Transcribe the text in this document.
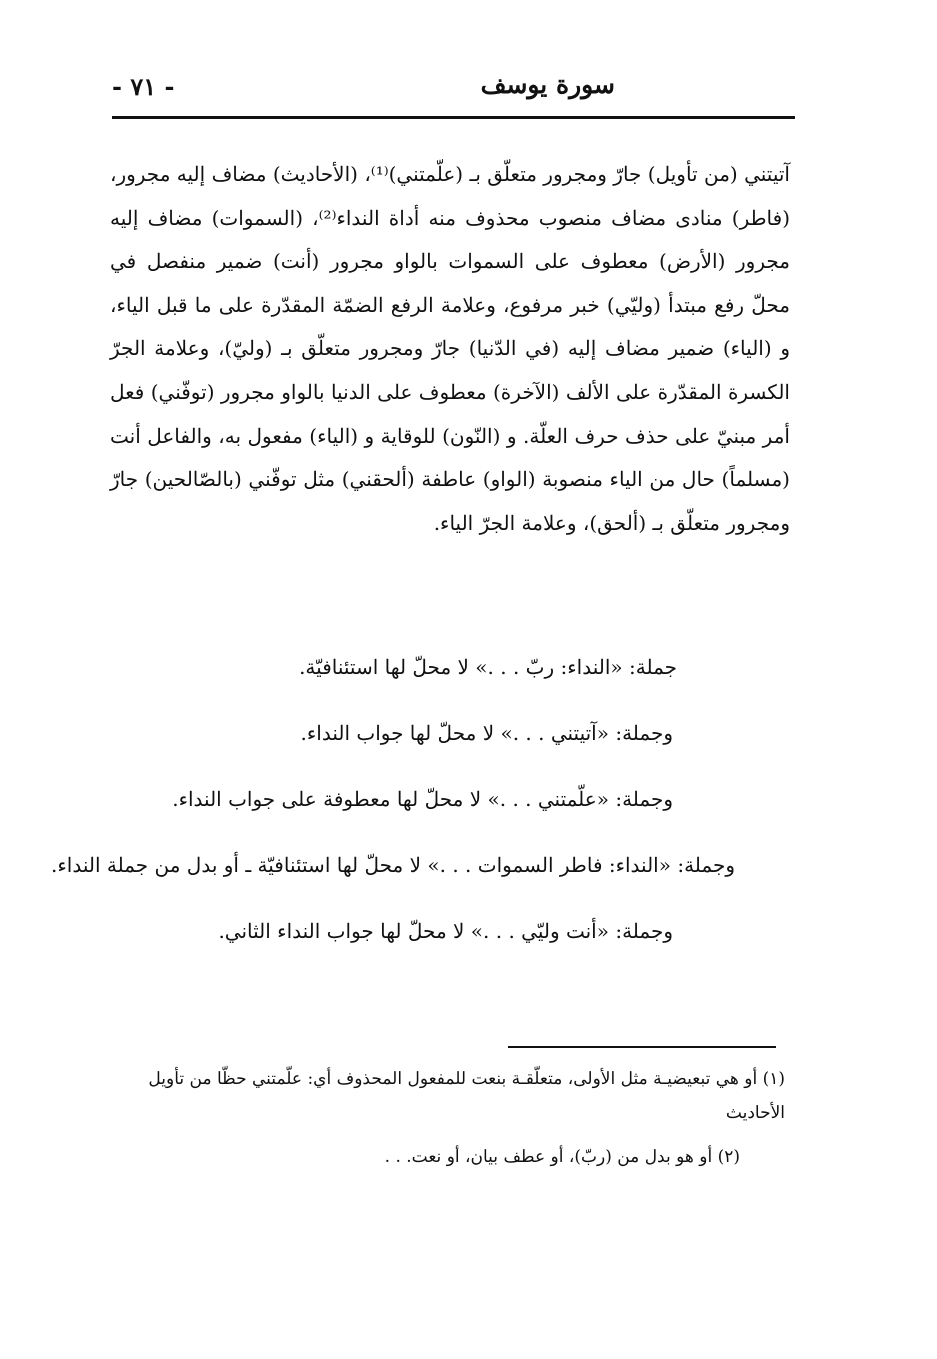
سورة يوسف
- ٧١ -

آتيتني (من تأويل) جارّ ومجرور متعلّق بـ (علّمتني)⁽¹⁾، (الأحاديث) مضاف إليه مجرور، (فاطر) منادى مضاف منصوب محذوف منه أداة النداء⁽²⁾، (السموات) مضاف إليه مجرور (الأرض) معطوف على السموات بالواو مجرور (أنت) ضمير منفصل في محلّ رفع مبتدأ (وليّي) خبر مرفوع، وعلامة الرفع الضمّة المقدّرة على ما قبل الياء، و (الياء) ضمير مضاف إليه (في الدّنيا) جارّ ومجرور متعلّق بـ (وليّ)، وعلامة الجرّ الكسرة المقدّرة على الألف (الآخرة) معطوف على الدنيا بالواو مجرور (توفّني) فعل أمر مبنيّ على حذف حرف العلّة. و (النّون) للوقاية و (الياء) مفعول به، والفاعل أنت (مسلماً) حال من الياء منصوبة (الواو) عاطفة (ألحقني) مثل توفّني (بالصّالحين) جارّ ومجرور متعلّق بـ (ألحق)، وعلامة الجرّ الياء.

جملة: «النداء: ربّ . . .» لا محلّ لها استئنافيّة.

وجملة: «آتيتني . . .» لا محلّ لها جواب النداء.

وجملة: «علّمتني . . .» لا محلّ لها معطوفة على جواب النداء.

وجملة: «النداء: فاطر السموات . . .» لا محلّ لها استئنافيّة ـ أو بدل من جملة النداء.

وجملة: «أنت وليّي . . .» لا محلّ لها جواب النداء الثاني.

(١) أو هي تبعيضيـة مثل الأولى، متعلّقـة بنعت للمفعول المحذوف أي: علّمتني حظّا من تأويل الأحاديث

(٢) أو هو بدل من (ربّ)، أو عطف بيان، أو نعت. . .
